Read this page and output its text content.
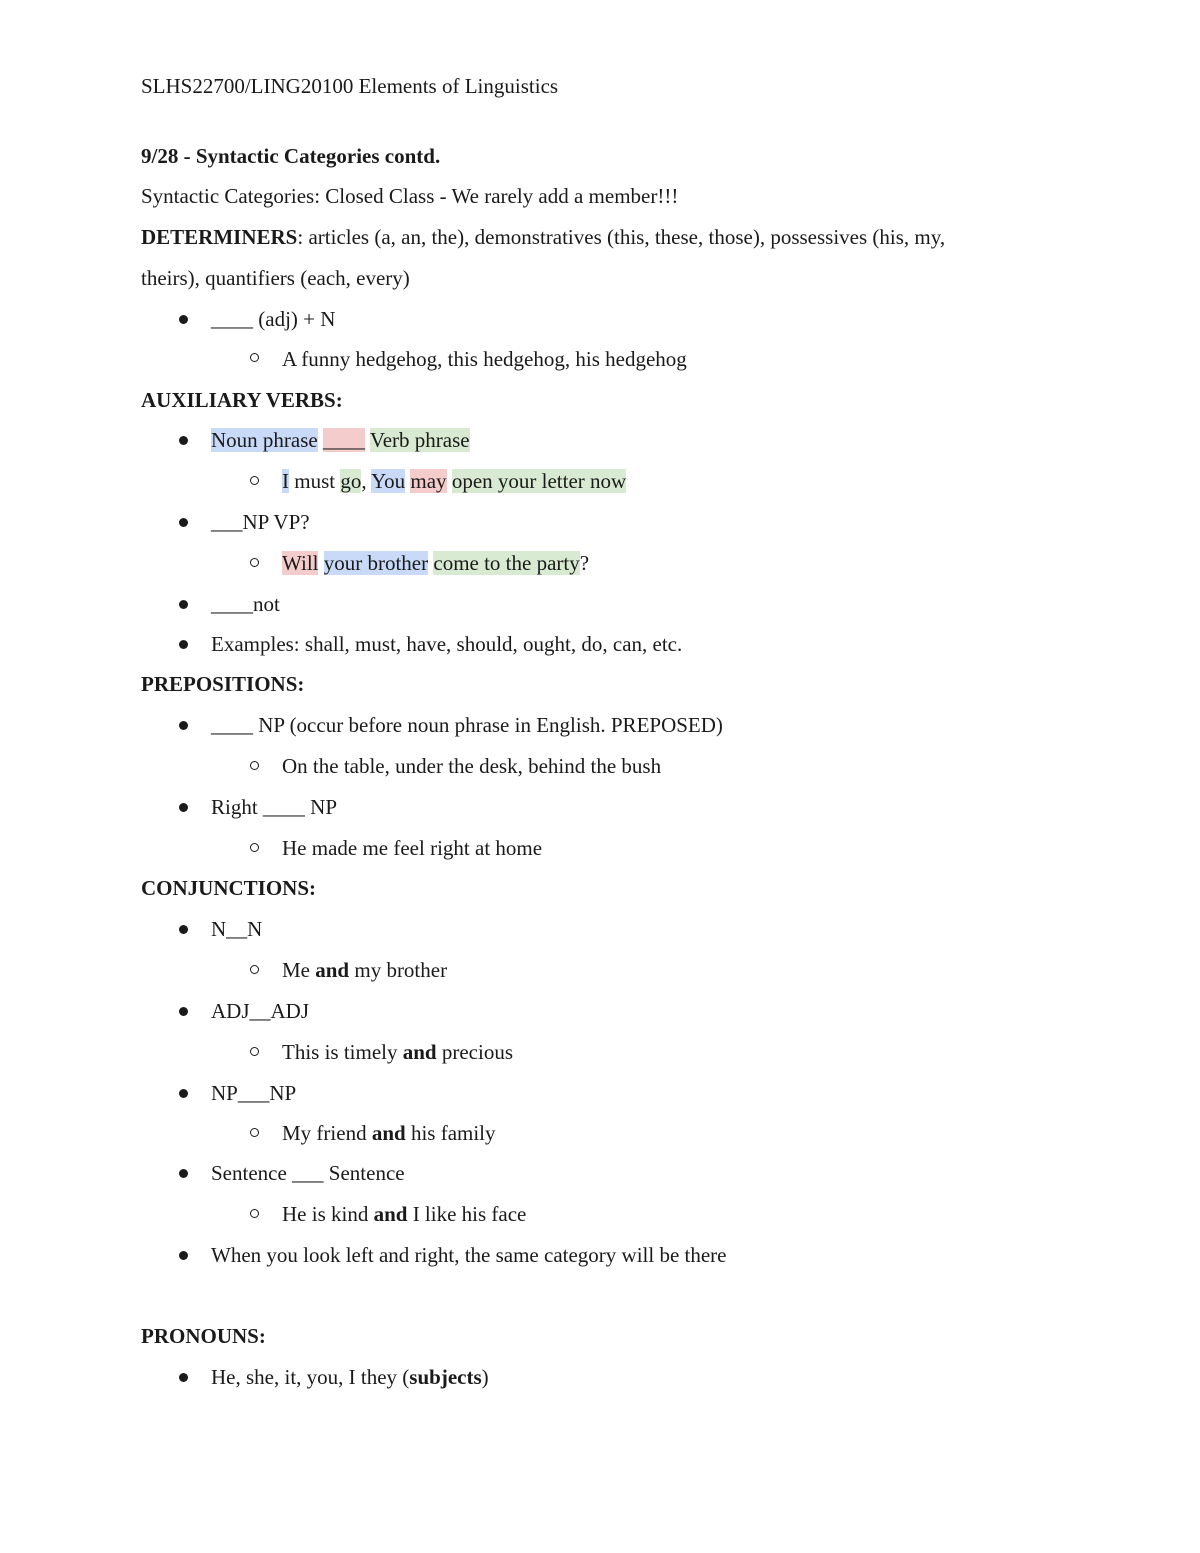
SLHS22700/LING20100 Elements of Linguistics

9/28 - Syntactic Categories contd.

Syntactic Categories: Closed Class - We rarely add a member!!!

DETERMINERS: articles (a, an, the), demonstratives (this, these, those), possessives (his, my,

theirs), quantifiers (each, every)

____ (adj) + N

A funny hedgehog, this hedgehog, his hedgehog

AUXILIARY VERBS:

Noun phrase ____ Verb phrase

I must go, You may open your letter now

___NP VP?

Will your brother come to the party?

____not

Examples: shall, must, have, should, ought, do, can, etc.

PREPOSITIONS:

____ NP (occur before noun phrase in English. PREPOSED)

On the table, under the desk, behind the bush

Right ____ NP

He made me feel right at home

CONJUNCTIONS:

N__N

Me and my brother

ADJ__ADJ

This is timely and precious

NP___NP

My friend and his family

Sentence ___ Sentence

He is kind and I like his face

When you look left and right, the same category will be there

PRONOUNS:

He, she, it, you, I they (subjects)
